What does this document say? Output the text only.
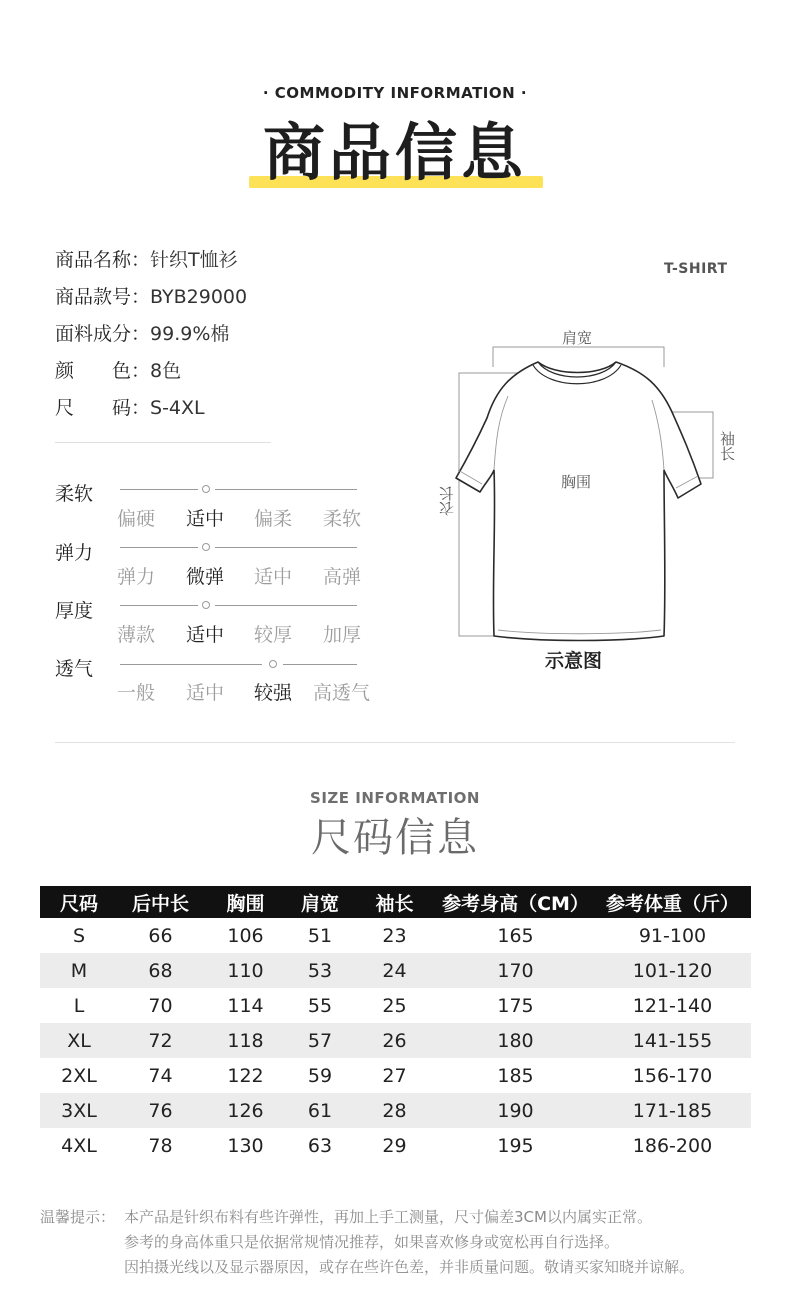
· COMMODITY INFORMATION ·
商品信息
商品名称：针织T恤衫
商品款号：BYB29000
面料成分：99.9%棉
颜　　色：8色
尺　　码：S-4XL
柔软
偏硬 适中 偏柔 柔软
弹力
弹力 微弹 适中 高弹
厚度
薄款 适中 较厚 加厚
透气
一般 适中 较强 高透气
T-SHIRT
肩宽
袖长
胸围
衣长
示意图
SIZE INFORMATION
尺码信息
尺码	后中长	胸围	肩宽	袖长	参考身高（CM） 参考体重（斤）
S	66	106	51	23	165	91-100
M	68	110	53	24	170	101-120
L	70	114	55	25	175	121-140
XL	72	118	57	26	180	141-155
2XL	74	122	59	27	185	156-170
3XL	76	126	61	28	190	171-185
4XL	78	130	63	29	195	186-200
温馨提示： 本产品是针织布料有些许弹性，再加上手工测量，尺寸偏差3CM以内属实正常。
参考的身高体重只是依据常规情况推荐，如果喜欢修身或宽松再自行选择。
因拍摄光线以及显示器原因，或存在些许色差，并非质量问题。敬请买家知晓并谅解。
